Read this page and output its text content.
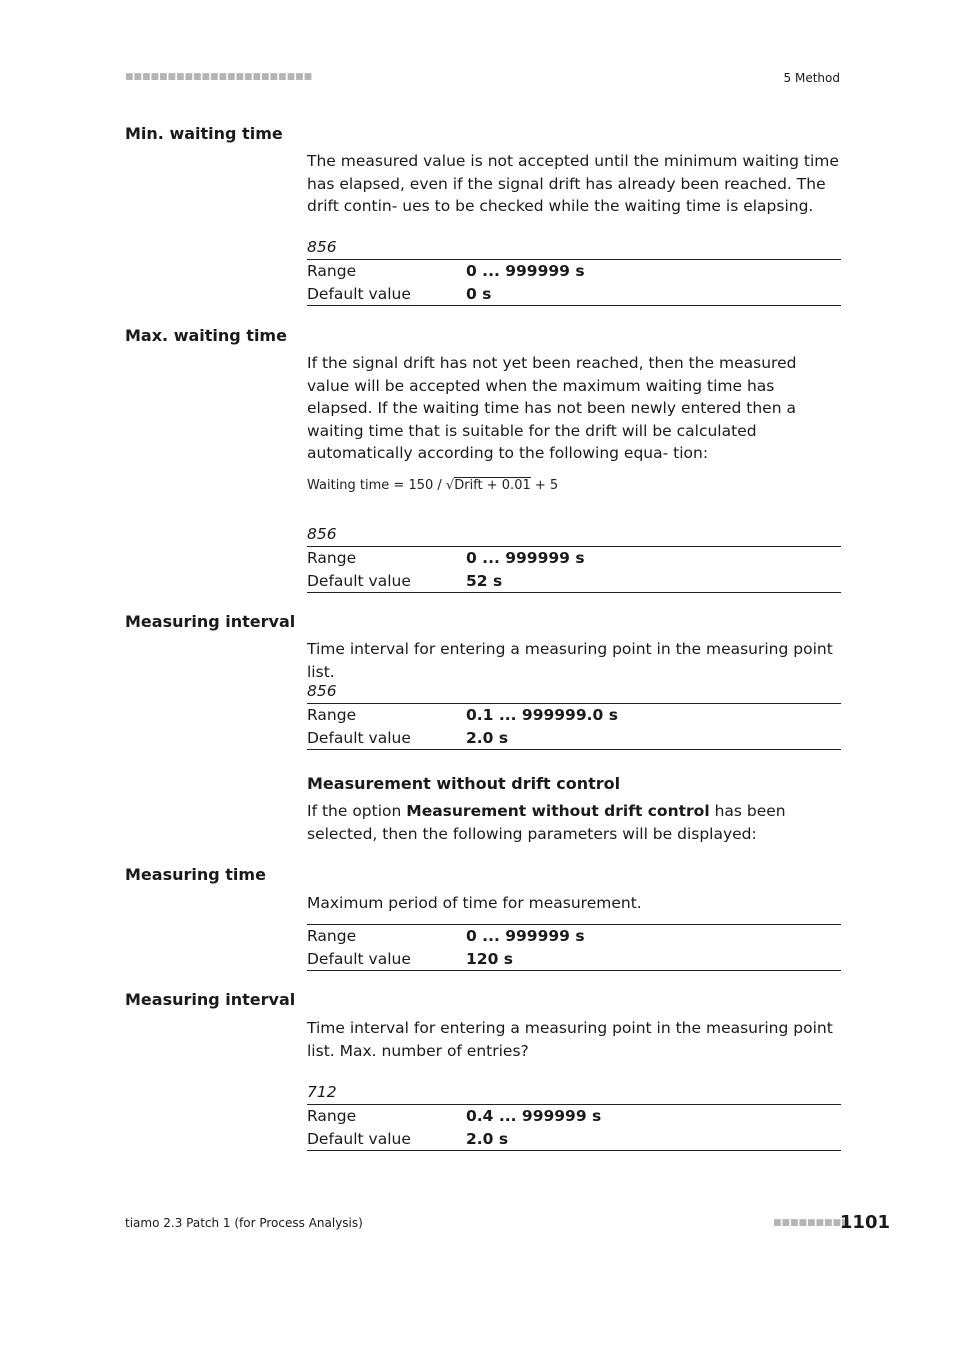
■■■■■■■■■■■■■■■■■■■■■■	5 Method
Min. waiting time
The measured value is not accepted until the minimum waiting time has elapsed, even if the signal drift has already been reached. The drift contin- ues to be checked while the waiting time is elapsing.
856
Range	0 ... 999999 s
Default value	0 s
Max. waiting time
If the signal drift has not yet been reached, then the measured value will be accepted when the maximum waiting time has elapsed. If the waiting time has not been newly entered then a waiting time that is suitable for the drift will be calculated automatically according to the following equa- tion:
Waiting time = 150 / √Drift + 0.01 + 5
856
Range	0 ... 999999 s
Default value	52 s
Measuring interval
Time interval for entering a measuring point in the measuring point list.
856
Range	0.1 ... 999999.0 s
Default value	2.0 s
Measurement without drift control
If the option Measurement without drift control has been selected, then the following parameters will be displayed:
Measuring time
Maximum period of time for measurement.
Range	0 ... 999999 s
Default value	120 s
Measuring interval
Time interval for entering a measuring point in the measuring point list. Max. number of entries?
712
Range	0.4 ... 999999 s
Default value	2.0 s
tiamo 2.3 Patch 1 (for Process Analysis)	■■■■■■■■■
1101
